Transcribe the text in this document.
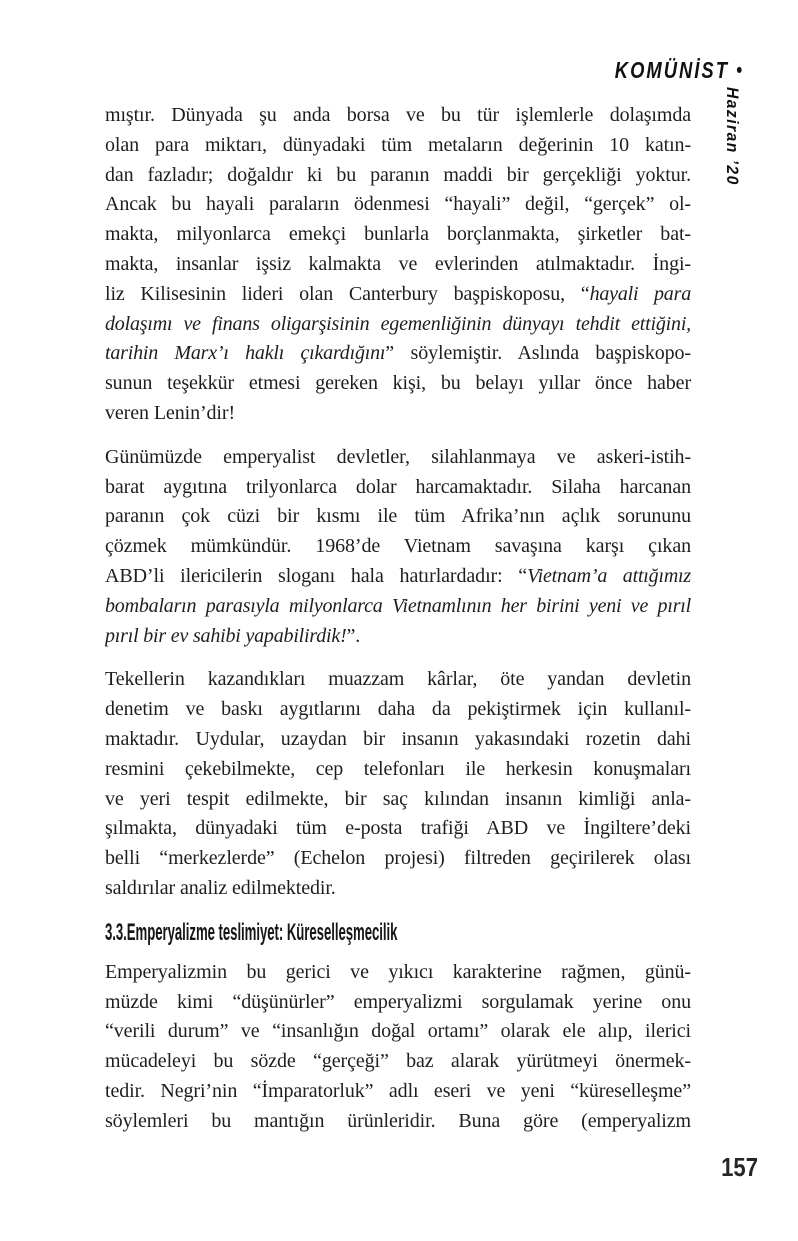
KOMÜNİST •
Haziran ’20
mıştır. Dünyada şu anda borsa ve bu tür işlemlerle dolaşımda
olan para miktarı, dünyadaki tüm metaların değerinin 10 katın-
dan fazladır; doğaldır ki bu paranın maddi bir gerçekliği yoktur.
Ancak bu hayali paraların ödenmesi “hayali” değil, “gerçek” ol-
makta, milyonlarca emekçi bunlarla borçlanmakta, şirketler bat-
makta, insanlar işsiz kalmakta ve evlerinden atılmaktadır. İngi-
liz Kilisesinin lideri olan Canterbury başpiskoposu, “hayali para
dolaşımı ve finans oligarşisinin egemenliğinin dünyayı tehdit ettiğini,
tarihin Marx’ı haklı çıkardığını” söylemiştir. Aslında başpiskopo-
sunun teşekkür etmesi gereken kişi, bu belayı yıllar önce haber
veren Lenin’dir!
Günümüzde emperyalist devletler, silahlanmaya ve askeri-istih-
barat aygıtına trilyonlarca dolar harcamaktadır. Silaha harcanan
paranın çok cüzi bir kısmı ile tüm Afrika’nın açlık sorununu
çözmek mümkündür. 1968’de Vietnam savaşına karşı çıkan
ABD’li ilericilerin sloganı hala hatırlardadır: “Vietnam’a attığımız
bombaların parasıyla milyonlarca Vietnamlının her birini yeni ve pırıl
pırıl bir ev sahibi yapabilirdik!”.
Tekellerin kazandıkları muazzam kârlar, öte yandan devletin
denetim ve baskı aygıtlarını daha da pekiştirmek için kullanıl-
maktadır. Uydular, uzaydan bir insanın yakasındaki rozetin dahi
resmini çekebilmekte, cep telefonları ile herkesin konuşmaları
ve yeri tespit edilmekte, bir saç kılından insanın kimliği anla-
şılmakta, dünyadaki tüm e-posta trafiği ABD ve İngiltere’deki
belli “merkezlerde” (Echelon projesi) filtreden geçirilerek olası
saldırılar analiz edilmektedir.
3.3.Emperyalizme teslimiyet: Küreselleşmecilik
Emperyalizmin bu gerici ve yıkıcı karakterine rağmen, günü-
müzde kimi “düşünürler” emperyalizmi sorgulamak yerine onu
“verili durum” ve “insanlığın doğal ortamı” olarak ele alıp, ilerici
mücadeleyi bu sözde “gerçeği” baz alarak yürütmeyi önermek-
tedir. Negri’nin “İmparatorluk” adlı eseri ve yeni “küreselleşme”
söylemleri bu mantığın ürünleridir. Buna göre (emperyalizm
157
